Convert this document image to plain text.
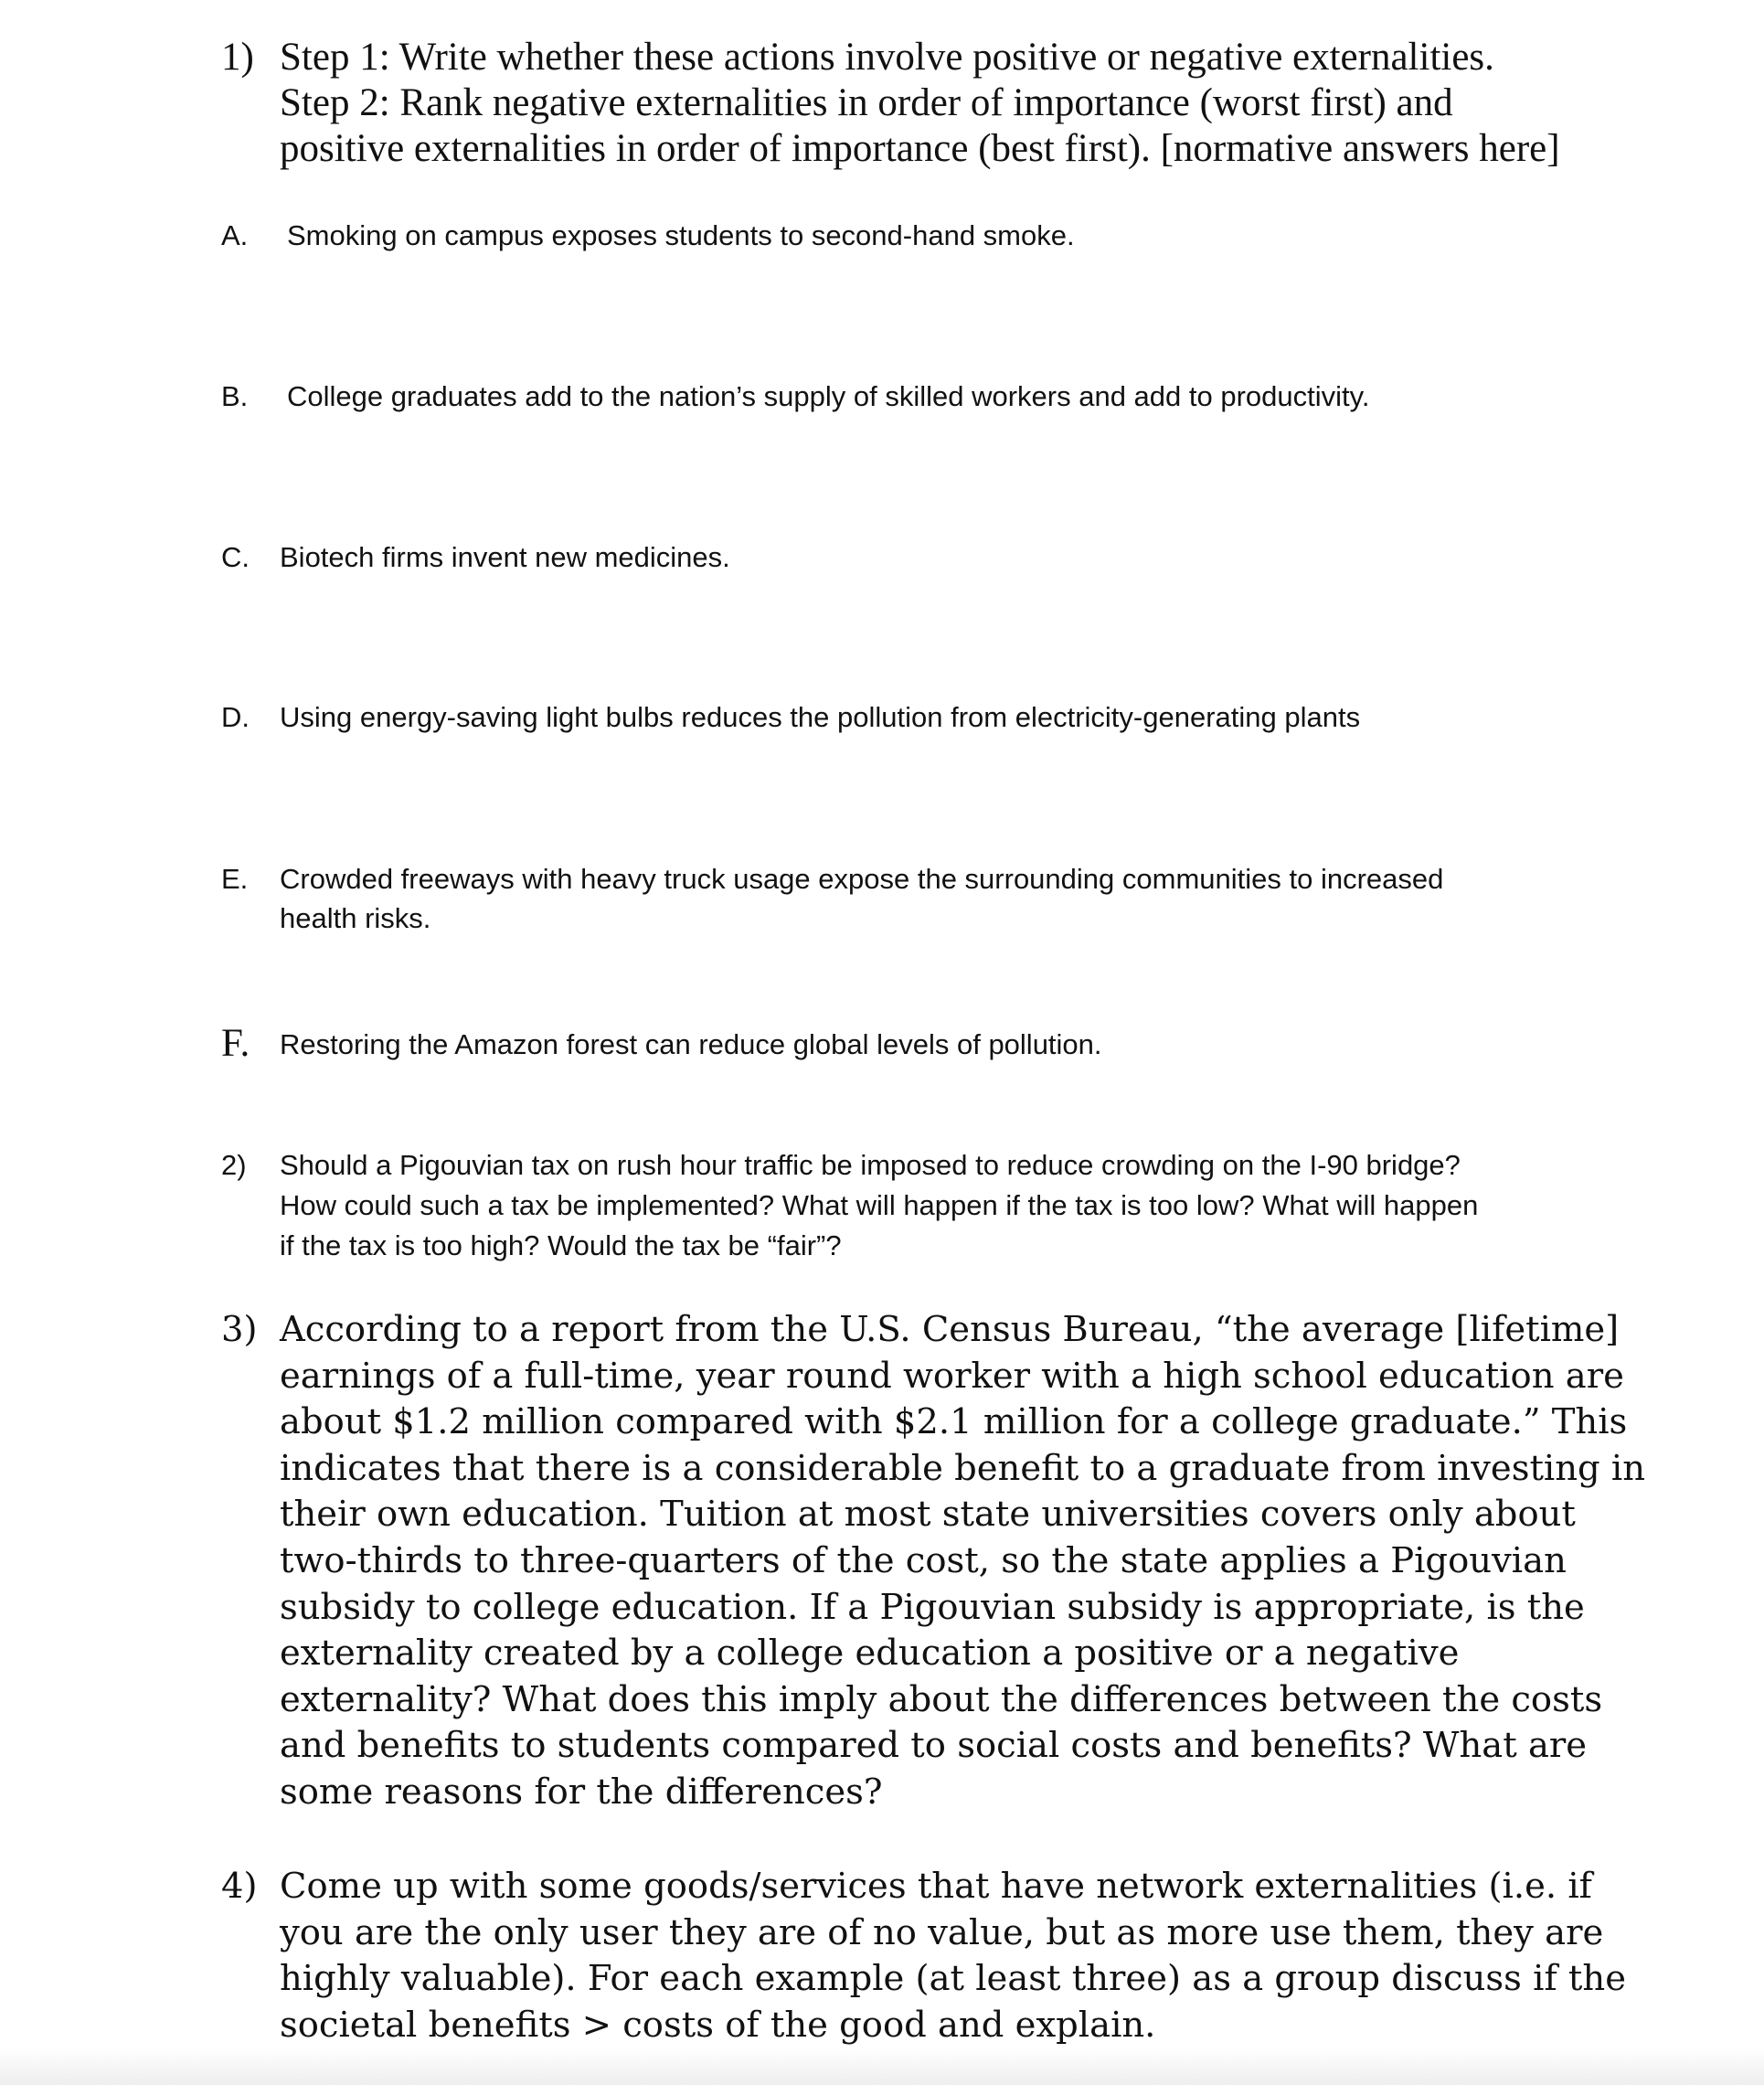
1) Step 1: Write whether these actions involve positive or negative externalities.
Step 2: Rank negative externalities in order of importance (worst first) and
positive externalities in order of importance (best first). [normative answers here]
A. Smoking on campus exposes students to second-hand smoke.
B. College graduates add to the nation’s supply of skilled workers and add to productivity.
C. Biotech firms invent new medicines.
D. Using energy-saving light bulbs reduces the pollution from electricity-generating plants
E. Crowded freeways with heavy truck usage expose the surrounding communities to increased
health risks.
F. Restoring the Amazon forest can reduce global levels of pollution.
2) Should a Pigouvian tax on rush hour traffic be imposed to reduce crowding on the I-90 bridge?
How could such a tax be implemented? What will happen if the tax is too low? What will happen
if the tax is too high? Would the tax be “fair”?
3) According to a report from the U.S. Census Bureau, “the average [lifetime]
earnings of a full-time, year round worker with a high school education are
about $1.2 million compared with $2.1 million for a college graduate.” This
indicates that there is a considerable benefit to a graduate from investing in
their own education. Tuition at most state universities covers only about
two-thirds to three-quarters of the cost, so the state applies a Pigouvian
subsidy to college education. If a Pigouvian subsidy is appropriate, is the
externality created by a college education a positive or a negative
externality? What does this imply about the differences between the costs
and benefits to students compared to social costs and benefits? What are
some reasons for the differences?
4) Come up with some goods/services that have network externalities (i.e. if
you are the only user they are of no value, but as more use them, they are
highly valuable). For each example (at least three) as a group discuss if the
societal benefits > costs of the good and explain.
